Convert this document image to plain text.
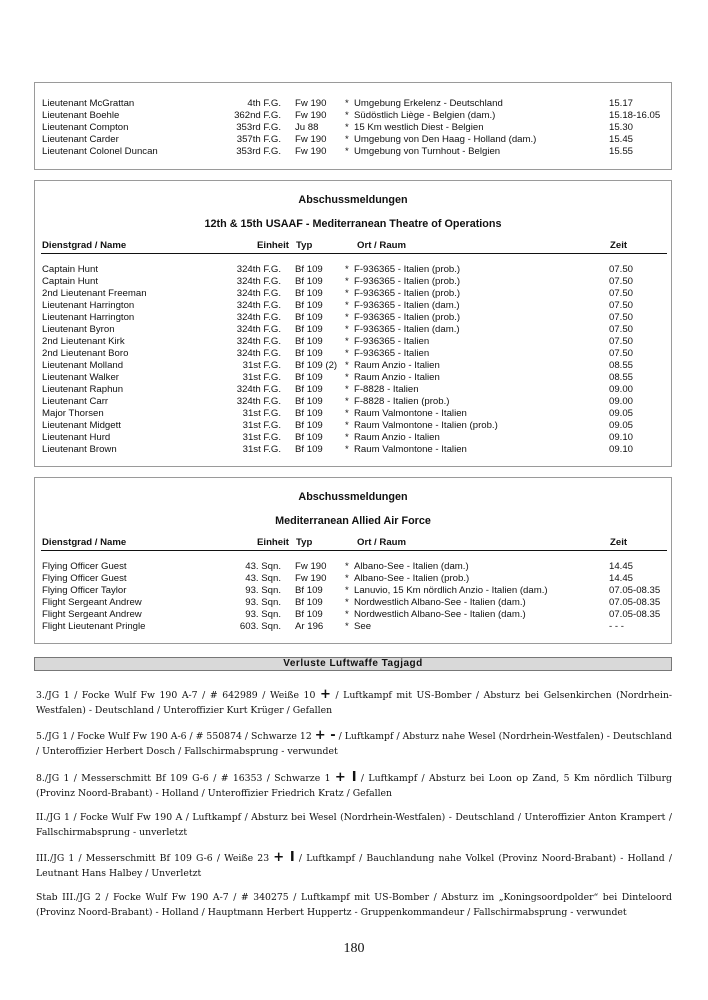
Lieutenant McGrattan	4th F.G. Fw 190 * Umgebung Erkelenz - Deutschland	15.17
Lieutenant Boehle	362nd F.G. Fw 190 * Südöstlich Liège - Belgien (dam.)	15.18-16.05
Lieutenant Compton	353rd F.G. Ju 88	* 15 Km westlich Diest - Belgien	15.30
Lieutenant Carder	357th F.G. Fw 190 * Umgebung von Den Haag - Holland (dam.)	15.45
Lieutenant Colonel Duncan	353rd F.G. Fw 190 * Umgebung von Turnhout - Belgien	15.55
Abschussmeldungen
12th & 15th USAAF - Mediterranean Theatre of Operations
Dienstgrad / Name	Einheit Typ	Ort / Raum	Zeit
Captain Hunt	324th F.G. Bf 109 * F-936365 - Italien (prob.)	07.50
Captain Hunt	324th F.G. Bf 109 * F-936365 - Italien (prob.)	07.50
2nd Lieutenant Freeman	324th F.G. Bf 109 * F-936365 - Italien (prob.)	07.50
Lieutenant Harrington	324th F.G. Bf 109 * F-936365 - Italien (dam.)	07.50
Lieutenant Harrington	324th F.G. Bf 109 * F-936365 - Italien (prob.)	07.50
Lieutenant Byron	324th F.G. Bf 109 * F-936365 - Italien (dam.)	07.50
2nd Lieutenant Kirk	324th F.G. Bf 109 * F-936365 - Italien	07.50
2nd Lieutenant Boro	324th F.G. Bf 109 * F-936365 - Italien	07.50
Lieutenant Molland	31st F.G. Bf 109 (2) * Raum Anzio - Italien	08.55
Lieutenant Walker	31st F.G. Bf 109 * Raum Anzio - Italien	08.55
Lieutenant Raphun	324th F.G. Bf 109 * F-8828 - Italien	09.00
Lieutenant Carr	324th F.G. Bf 109 * F-8828 - Italien (prob.)	09.00
Major Thorsen	31st F.G. Bf 109 * Raum Valmontone - Italien	09.05
Lieutenant Midgett	31st F.G. Bf 109 * Raum Valmontone - Italien (prob.)	09.05
Lieutenant Hurd	31st F.G. Bf 109 * Raum Anzio - Italien	09.10
Lieutenant Brown	31st F.G. Bf 109 * Raum Valmontone - Italien	09.10
Abschussmeldungen
Mediterranean Allied Air Force
Dienstgrad / Name	Einheit Typ	Ort / Raum	Zeit
Flying Officer Guest	43. Sqn. Fw 190 * Albano-See - Italien (dam.)	14.45
Flying Officer Guest	43. Sqn. Fw 190 * Albano-See - Italien (prob.)	14.45
Flying Officer Taylor	93. Sqn. Bf 109 * Lanuvio, 15 Km nördlich Anzio - Italien (dam.)	07.05-08.35
Flight Sergeant Andrew	93. Sqn. Bf 109 * Nordwestlich Albano-See - Italien (dam.)	07.05-08.35
Flight Sergeant Andrew	93. Sqn. Bf 109 * Nordwestlich Albano-See - Italien (dam.)	07.05-08.35
Flight Lieutenant Pringle	603. Sqn. Ar 196 * See	- - -
Verluste Luftwaffe Tagjagd
3./JG 1 / Focke Wulf Fw 190 A-7 / # 642989 / Weiße 10 + / Luftkampf mit US-Bomber / Absturz bei Gelsenkirchen (Nordrhein-Westfalen) - Deutschland / Unteroffizier Kurt Krüger / Gefallen
5./JG 1 / Focke Wulf Fw 190 A-6 / # 550874 / Schwarze 12 + - / Luftkampf / Absturz nahe Wesel (Nordrhein-Westfalen) - Deutschland / Unteroffizier Herbert Dosch / Fallschirmabsprung - verwundet
8./JG 1 / Messerschmitt Bf 109 G-6 / # 16353 / Schwarze 1 + I / Luftkampf / Absturz bei Loon op Zand, 5 Km nördlich Tilburg (Provinz Noord-Brabant) - Holland / Unteroffizier Friedrich Kratz / Gefallen
II./JG 1 / Focke Wulf Fw 190 A / Luftkampf / Absturz bei Wesel (Nordrhein-Westfalen) - Deutschland / Unteroffizier Anton Krampert / Fallschirmabsprung - unverletzt
III./JG 1 / Messerschmitt Bf 109 G-6 / Weiße 23 + I / Luftkampf / Bauchlandung nahe Volkel (Provinz Noord-Brabant) - Holland / Leutnant Hans Halbey / Unverletzt
Stab III./JG 2 / Focke Wulf Fw 190 A-7 / # 340275 / Luftkampf mit US-Bomber / Absturz im „Koningsoordpolder“ bei Dinteloord (Provinz Noord-Brabant) - Holland / Hauptmann Herbert Huppertz - Gruppenkommandeur / Fallschirmabsprung - verwundet
180
